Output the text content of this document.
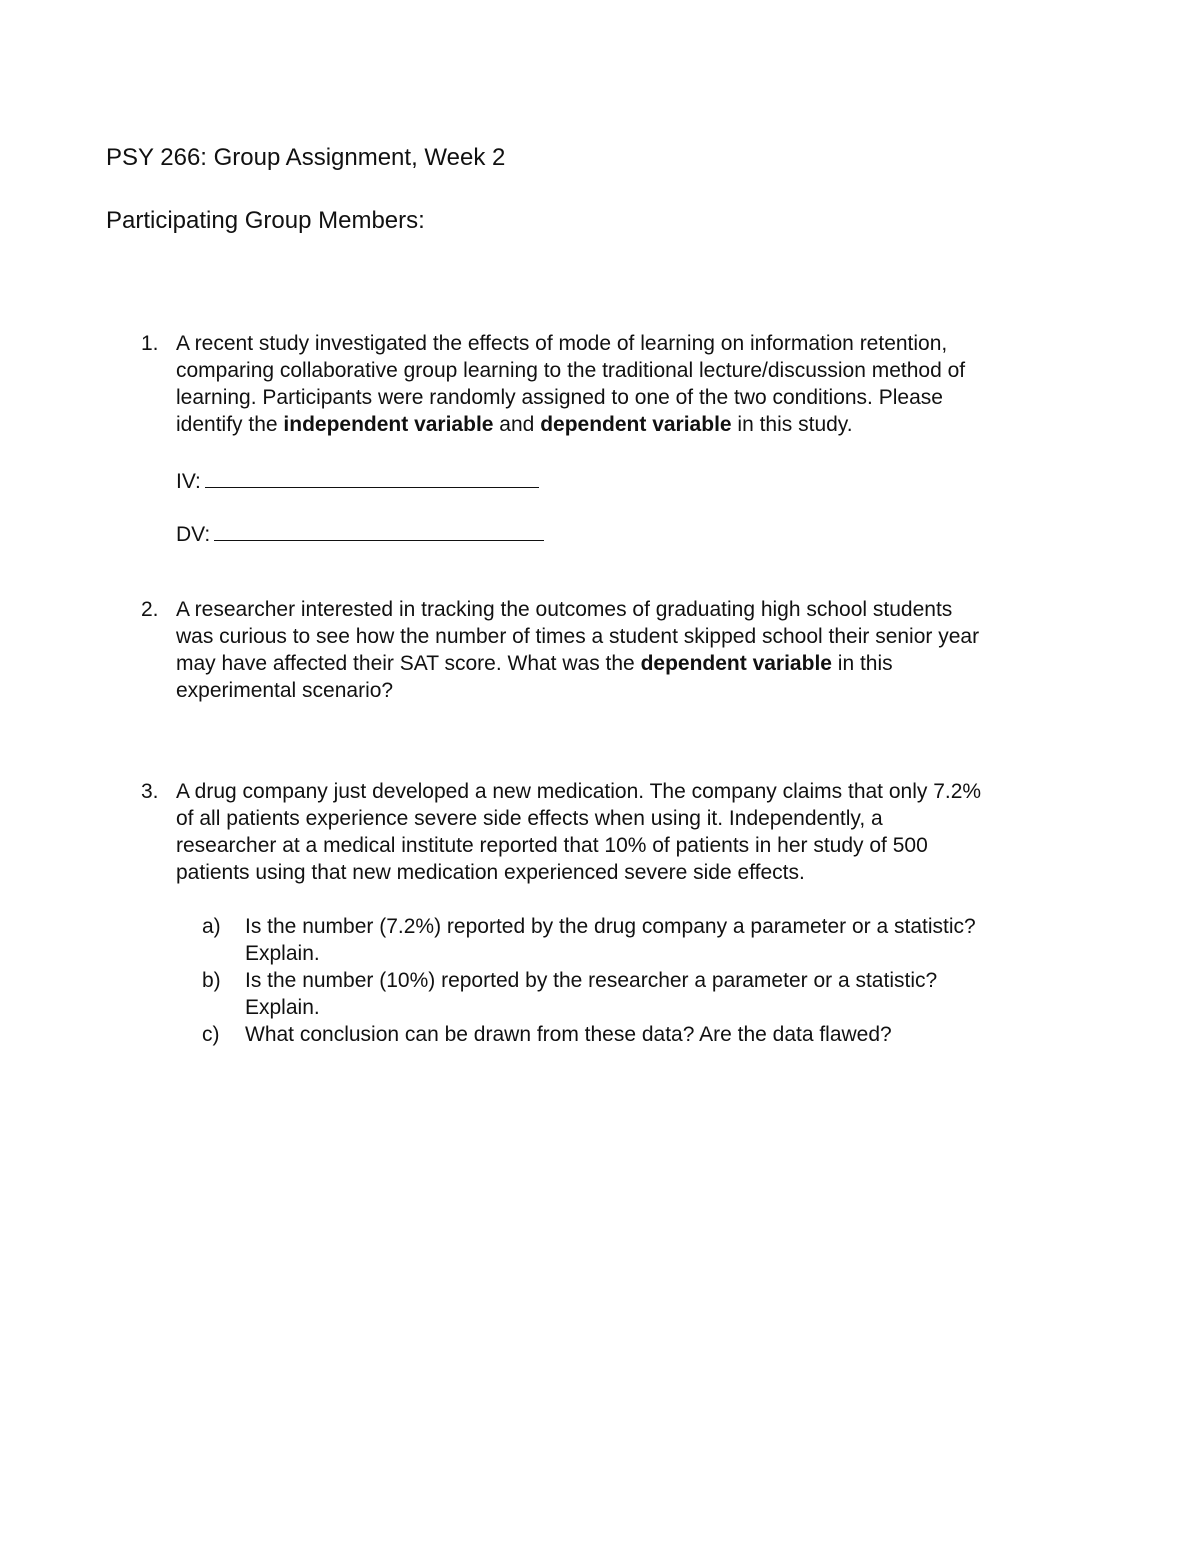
PSY 266: Group Assignment, Week 2
Participating Group Members:
1. A recent study investigated the effects of mode of learning on information retention,
comparing collaborative group learning to the traditional lecture/discussion method of
learning. Participants were randomly assigned to one of the two conditions. Please
identify the independent variable and dependent variable in this study.
IV:
DV:
2. A researcher interested in tracking the outcomes of graduating high school students
was curious to see how the number of times a student skipped school their senior year
may have affected their SAT score. What was the dependent variable in this
experimental scenario?
3. A drug company just developed a new medication. The company claims that only 7.2%
of all patients experience severe side effects when using it. Independently, a
researcher at a medical institute reported that 10% of patients in her study of 500
patients using that new medication experienced severe side effects.
a) Is the number (7.2%) reported by the drug company a parameter or a statistic?
Explain.
b) Is the number (10%) reported by the researcher a parameter or a statistic?
Explain.
c) What conclusion can be drawn from these data? Are the data flawed?
